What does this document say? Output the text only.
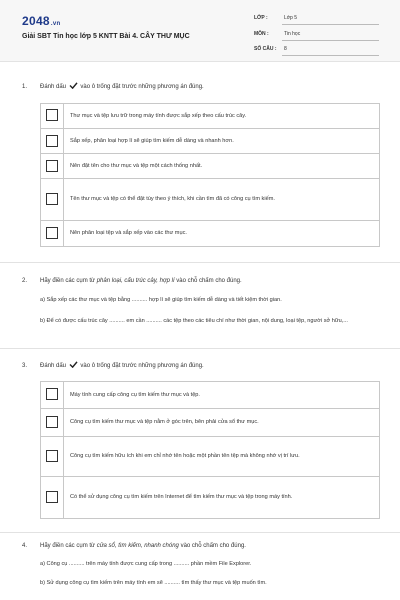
2048.vn
Giải SBT Tin học lớp 5 KNTT Bài 4. CÂY THƯ MỤC
LỚP :	Lớp 5
MÔN :	Tin học
SỐ CÂU : 8
1. Đánh dấu vào ô trống đặt trước những phương án đúng.
Thư mục và tệp lưu trữ trong máy tính được sắp xếp theo cấu trúc cây.
Sắp xếp, phân loại hợp lí sẽ giúp tìm kiếm dễ dàng và nhanh hơn.
Nên đặt tên cho thư mục và tệp một cách thống nhất.
Tên thư mục và tệp có thể đặt tùy theo ý thích, khi cần tìm đã có công cụ tìm kiếm.
Nên phân loại tệp và sắp xếp vào các thư mục.
2. Hãy điền các cụm từ phân loại, cấu trúc cây, hợp lí vào chỗ chấm cho đúng.
a) Sắp xếp các thư mục và tệp bằng .......... hợp lí sẽ giúp tìm kiếm dễ dàng và tiết kiệm thời gian.
b) Để có được cấu trúc cây .......... em cần .......... các tệp theo các tiêu chí như thời gian, nội dung, loại tệp, người sở hữu,...
3. Đánh dấu vào ô trống đặt trước những phương án đúng.
Máy tính cung cấp công cụ tìm kiếm thư mục và tệp.
Công cụ tìm kiếm thư mục và tệp nằm ở góc trên, bên phải cửa sổ thư mục.
Công cụ tìm kiếm hữu ích khi em chỉ nhớ tên hoặc một phần tên tệp mà không nhớ vị trí lưu.
Có thể sử dụng công cụ tìm kiếm trên Internet để tìm kiếm thư mục và tệp trong máy tính.
4. Hãy điền các cụm từ cửa sổ, tìm kiếm, nhanh chóng vào chỗ chấm cho đúng.
a) Công cụ .......... trên máy tính được cung cấp trong .......... phần mềm File Explorer.
b) Sử dụng công cụ tìm kiếm trên máy tính em sẽ .......... tìm thấy thư mục và tệp muốn tìm.
